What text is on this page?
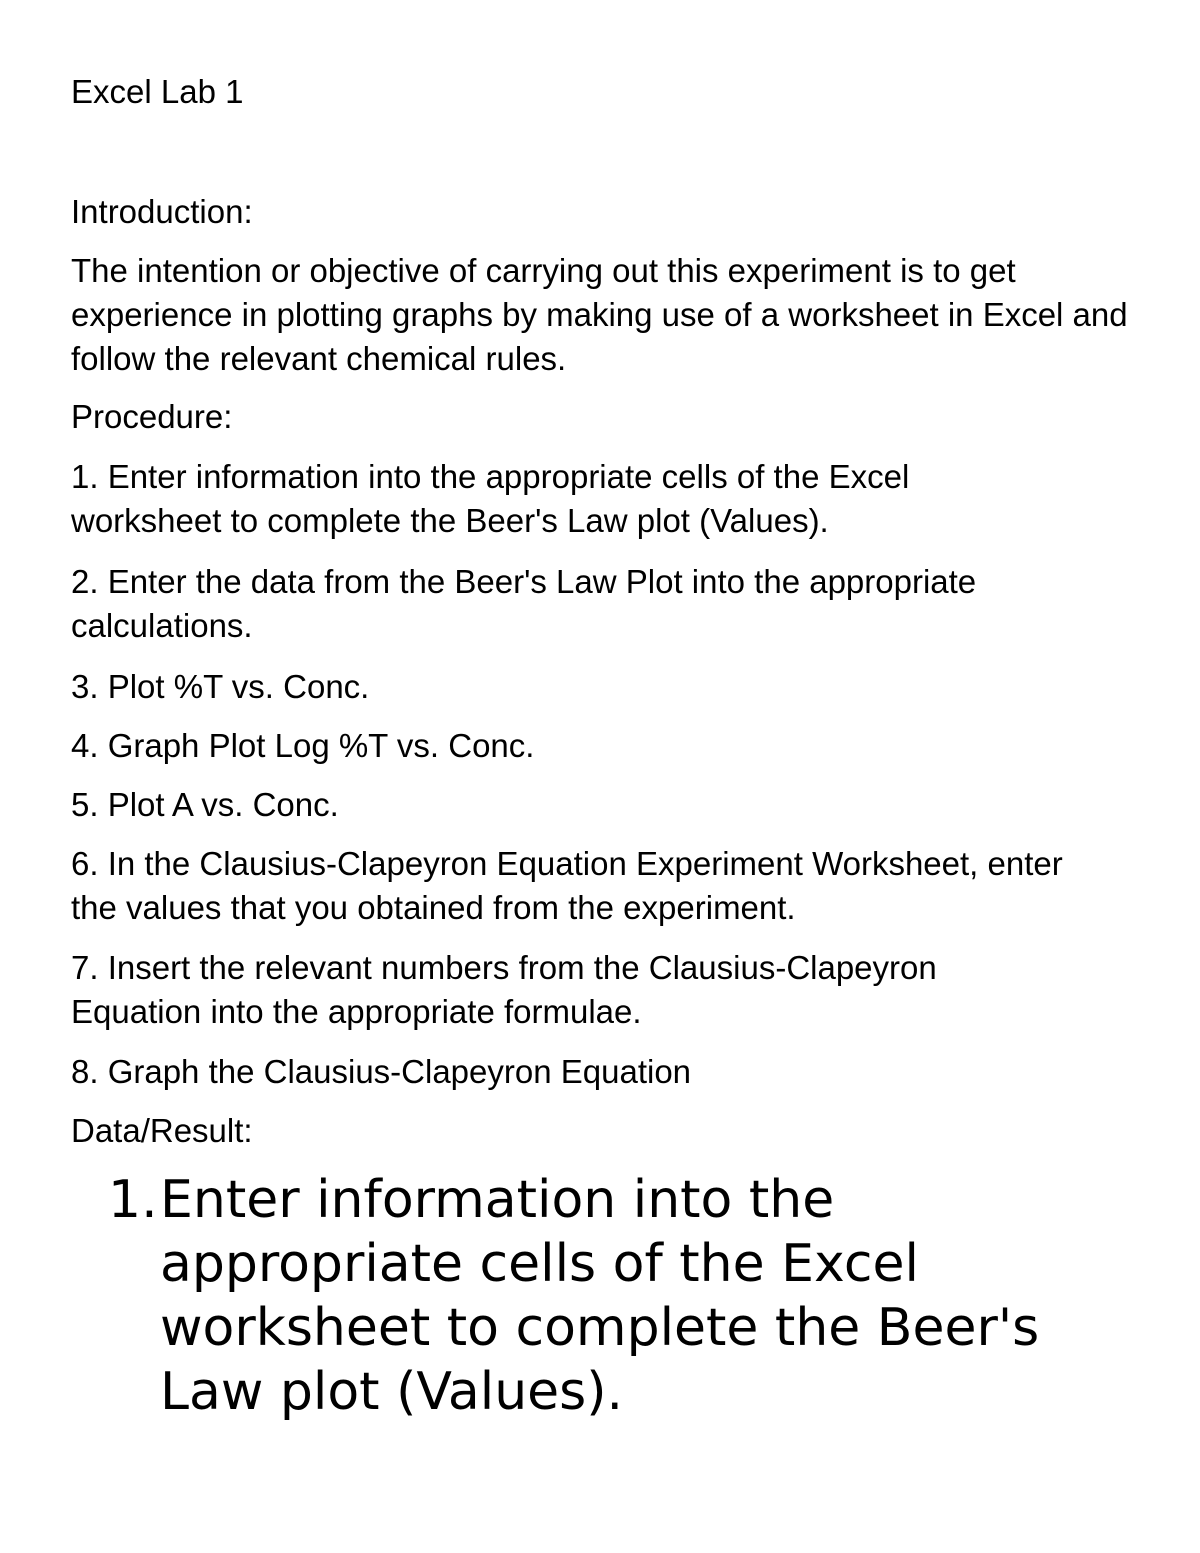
Excel Lab 1

Introduction:

The intention or objective of carrying out this experiment is to get experience in plotting graphs by making use of a worksheet in Excel and follow the relevant chemical rules.

Procedure:

1. Enter information into the appropriate cells of the Excel worksheet to complete the Beer's Law plot (Values).

2. Enter the data from the Beer's Law Plot into the appropriate calculations.

3. Plot %T vs. Conc.

4. Graph Plot Log %T vs. Conc.

5. Plot A vs. Conc.

6. In the Clausius-Clapeyron Equation Experiment Worksheet, enter the values that you obtained from the experiment.

7. Insert the relevant numbers from the Clausius-Clapeyron Equation into the appropriate formulae.

8. Graph the Clausius-Clapeyron Equation

Data/Result:

1. Enter information into the appropriate cells of the Excel worksheet to complete the Beer's Law plot (Values).
